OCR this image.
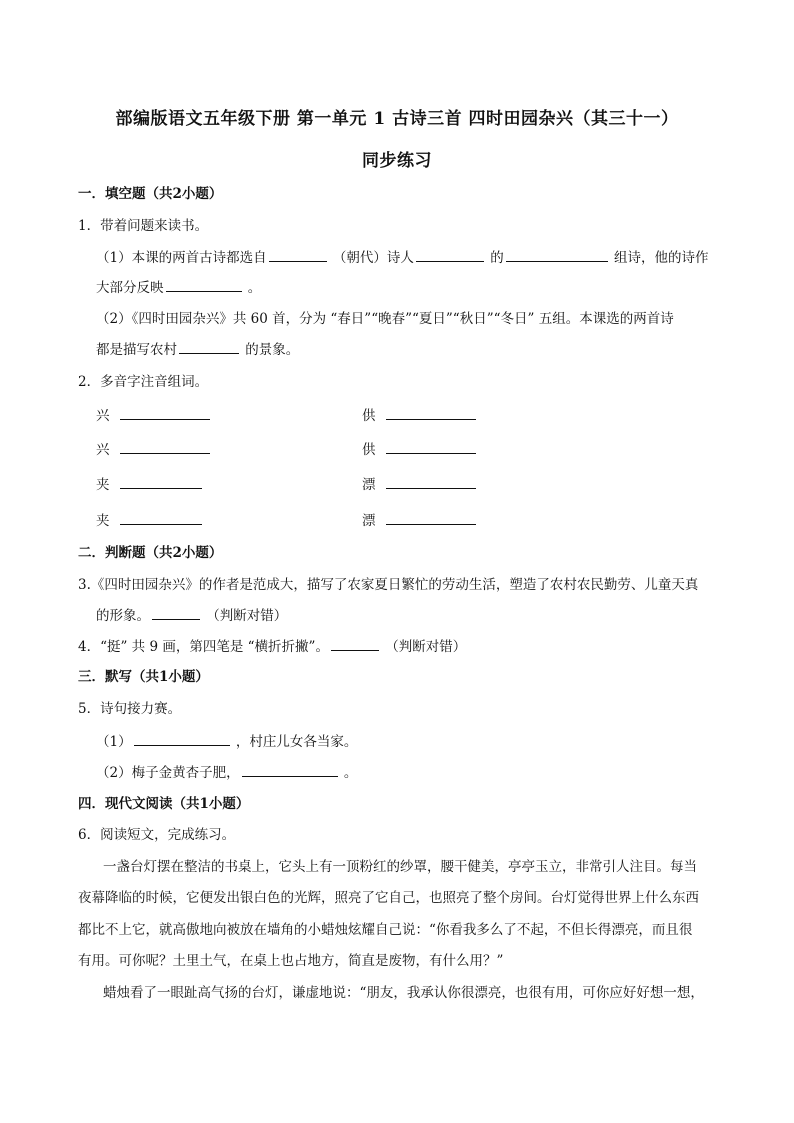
部编版语文五年级下册 第一单元 1 古诗三首 四时田园杂兴（其三十一）
同步练习
一．填空题（共2小题）
1．带着问题来读书。
（1）本课的两首古诗都选自	（朝代）诗人	的	组诗，他的诗作
大部分反映	。
（2）《四时田园杂兴》共 60 首，分为 “春日”“晚春”“夏日”“秋日”“冬日” 五组。本课选的两首诗
都是描写农村	的景象。
2．多音字注音组词。
兴	供
兴	供
夹	漂
夹	漂
二．判断题（共2小题）
3.《四时田园杂兴》的作者是范成大，描写了农家夏日繁忙的劳动生活，塑造了农村农民勤劳、儿童天真
的形象。	（判断对错）
4．“挺” 共 9 画，第四笔是 “横折折撇”。	（判断对错）
三．默写（共1小题）
5．诗句接力赛。
（1）	，村庄儿女各当家。
（2）梅子金黄杏子肥，	。
四．现代文阅读（共1小题）
6．阅读短文，完成练习。
一盏台灯摆在整洁的书桌上，它头上有一顶粉红的纱罩，腰干健美，亭亭玉立，非常引人注目。每当
夜幕降临的时候，它便发出银白色的光辉，照亮了它自己，也照亮了整个房间。台灯觉得世界上什么东西
都比不上它，就高傲地向被放在墙角的小蜡烛炫耀自己说：“你看我多么了不起，不但长得漂亮，而且很
有用。可你呢？土里土气，在桌上也占地方，简直是废物，有什么用？”
蜡烛看了一眼趾高气扬的台灯，谦虚地说：“朋友，我承认你很漂亮，也很有用，可你应好好想一想，
